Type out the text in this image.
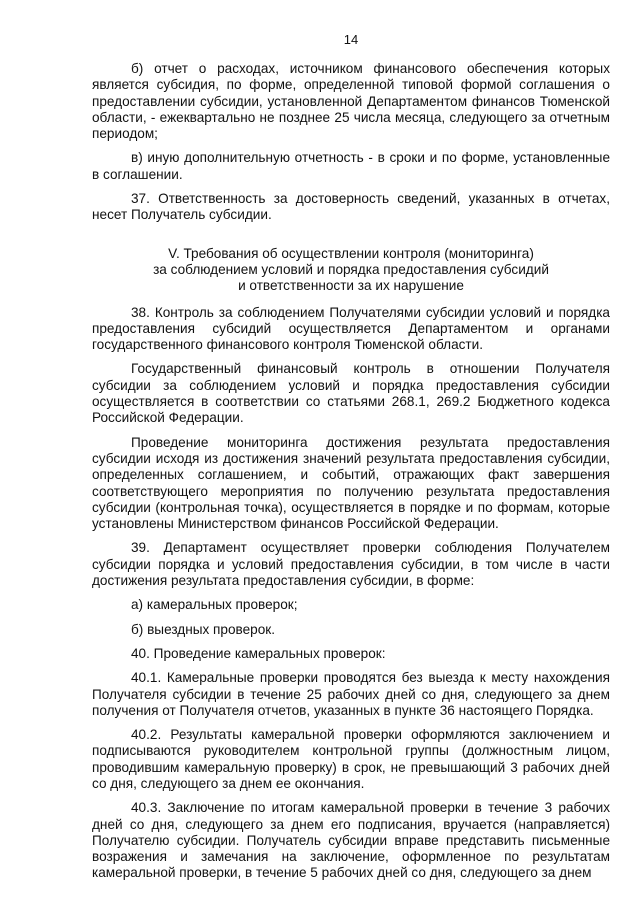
14

б) отчет о расходах, источником финансового обеспечения которых является субсидия, по форме, определенной типовой формой соглашения о предоставлении субсидии, установленной Департаментом финансов Тюменской области, - ежеквартально не позднее 25 числа месяца, следующего за отчетным периодом;

в) иную дополнительную отчетность - в сроки и по форме, установленные в соглашении.

37. Ответственность за достоверность сведений, указанных в отчетах, несет Получатель субсидии.

V. Требования об осуществлении контроля (мониторинга)
за соблюдением условий и порядка предоставления субсидий
и ответственности за их нарушение

38. Контроль за соблюдением Получателями субсидии условий и порядка предоставления субсидий осуществляется Департаментом и органами государственного финансового контроля Тюменской области.

Государственный финансовый контроль в отношении Получателя субсидии за соблюдением условий и порядка предоставления субсидии осуществляется в соответствии со статьями 268.1, 269.2 Бюджетного кодекса Российской Федерации.

Проведение мониторинга достижения результата предоставления субсидии исходя из достижения значений результата предоставления субсидии, определенных соглашением, и событий, отражающих факт завершения соответствующего мероприятия по получению результата предоставления субсидии (контрольная точка), осуществляется в порядке и по формам, которые установлены Министерством финансов Российской Федерации.

39. Департамент осуществляет проверки соблюдения Получателем субсидии порядка и условий предоставления субсидии, в том числе в части достижения результата предоставления субсидии, в форме:

а) камеральных проверок;

б) выездных проверок.

40. Проведение камеральных проверок:

40.1. Камеральные проверки проводятся без выезда к месту нахождения Получателя субсидии в течение 25 рабочих дней со дня, следующего за днем получения от Получателя отчетов, указанных в пункте 36 настоящего Порядка.

40.2. Результаты камеральной проверки оформляются заключением и подписываются руководителем контрольной группы (должностным лицом, проводившим камеральную проверку) в срок, не превышающий 3 рабочих дней со дня, следующего за днем ее окончания.

40.3. Заключение по итогам камеральной проверки в течение 3 рабочих дней со дня, следующего за днем его подписания, вручается (направляется) Получателю субсидии. Получатель субсидии вправе представить письменные возражения и замечания на заключение, оформленное по результатам камеральной проверки, в течение 5 рабочих дней со дня, следующего за днем
